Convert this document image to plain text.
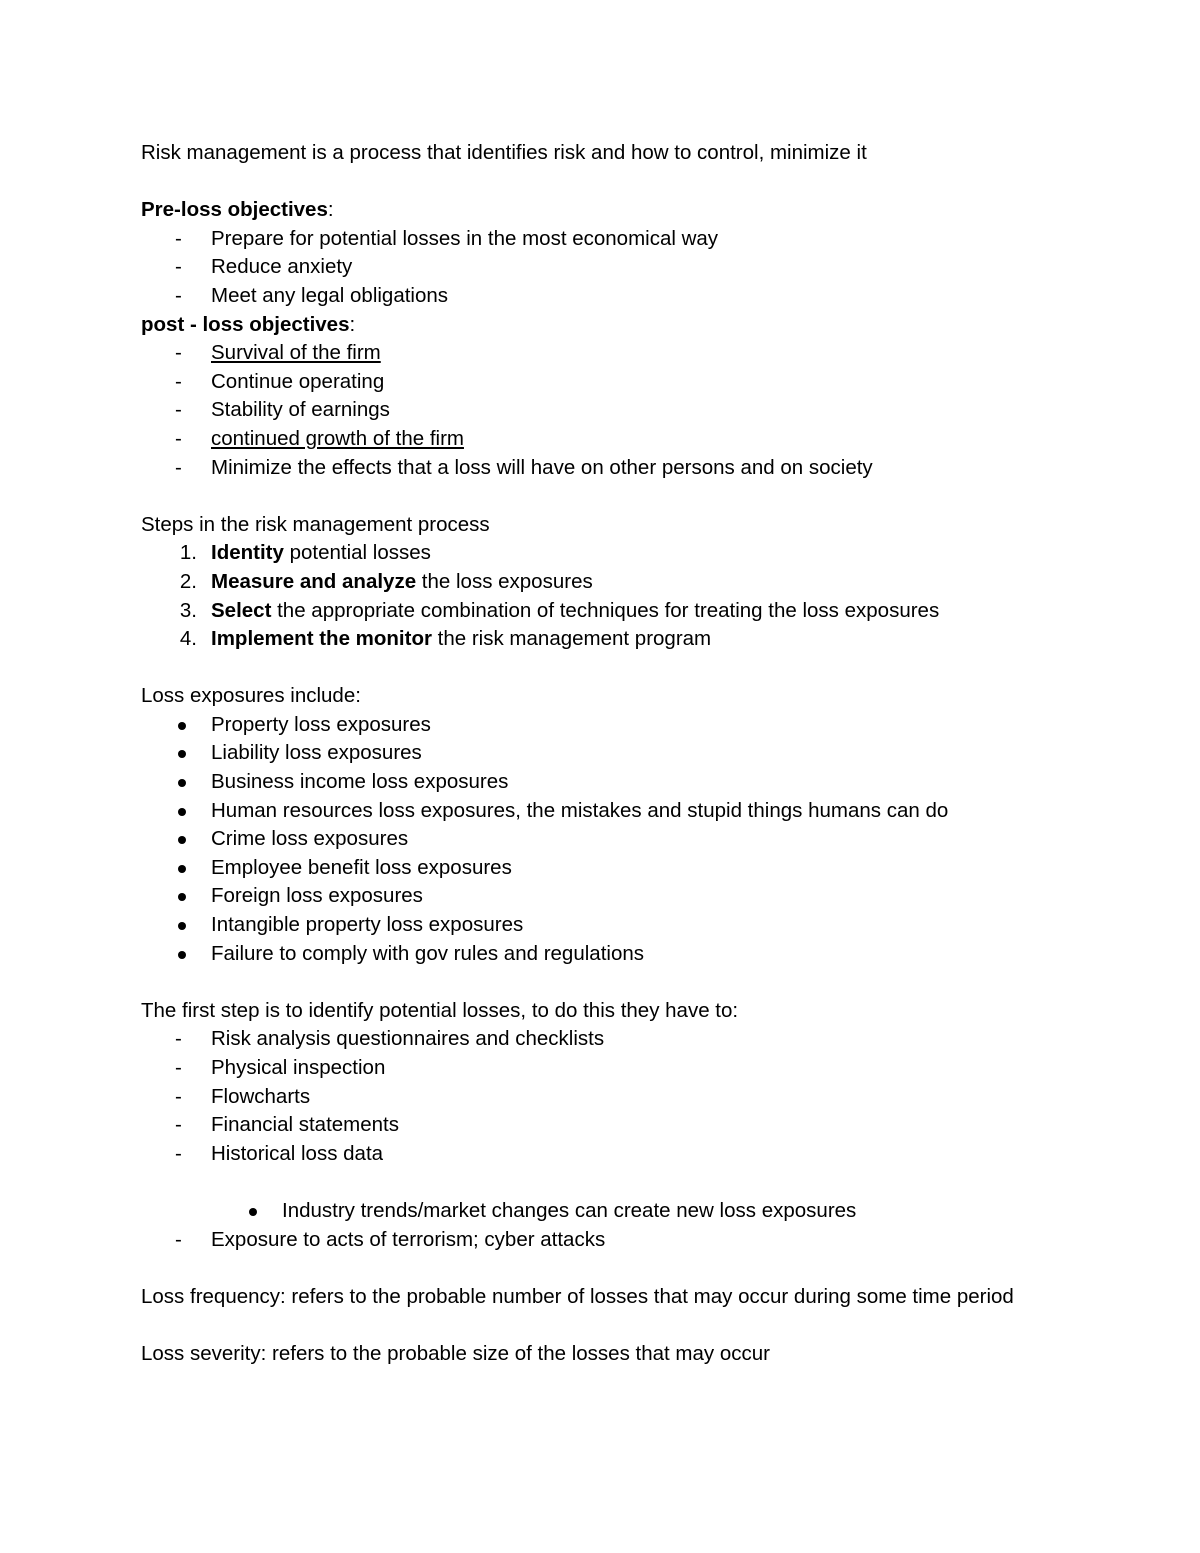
Risk management is a process that identifies risk and how to control, minimize it
Pre-loss objectives:
-	Prepare for potential losses in the most economical way
-	Reduce anxiety
-	Meet any legal obligations
post - loss objectives:
-	Survival of the firm
-	Continue operating
-	Stability of earnings
-	continued growth of the firm
-	Minimize the effects that a loss will have on other persons and on society
Steps in the risk management process
1. Identity potential losses
2. Measure and analyze the loss exposures
3. Select the appropriate combination of techniques for treating the loss exposures
4. Implement the monitor the risk management program
Loss exposures include:
Property loss exposures
Liability loss exposures
Business income loss exposures
Human resources loss exposures, the mistakes and stupid things humans can do
Crime loss exposures
Employee benefit loss exposures
Foreign loss exposures
Intangible property loss exposures
Failure to comply with gov rules and regulations
The first step is to identify potential losses, to do this they have to:
-	Risk analysis questionnaires and checklists
-	Physical inspection
-	Flowcharts
-	Financial statements
-	Historical loss data
Industry trends/market changes can create new loss exposures
-	Exposure to acts of terrorism; cyber attacks
Loss frequency: refers to the probable number of losses that may occur during some time period
Loss severity: refers to the probable size of the losses that may occur
